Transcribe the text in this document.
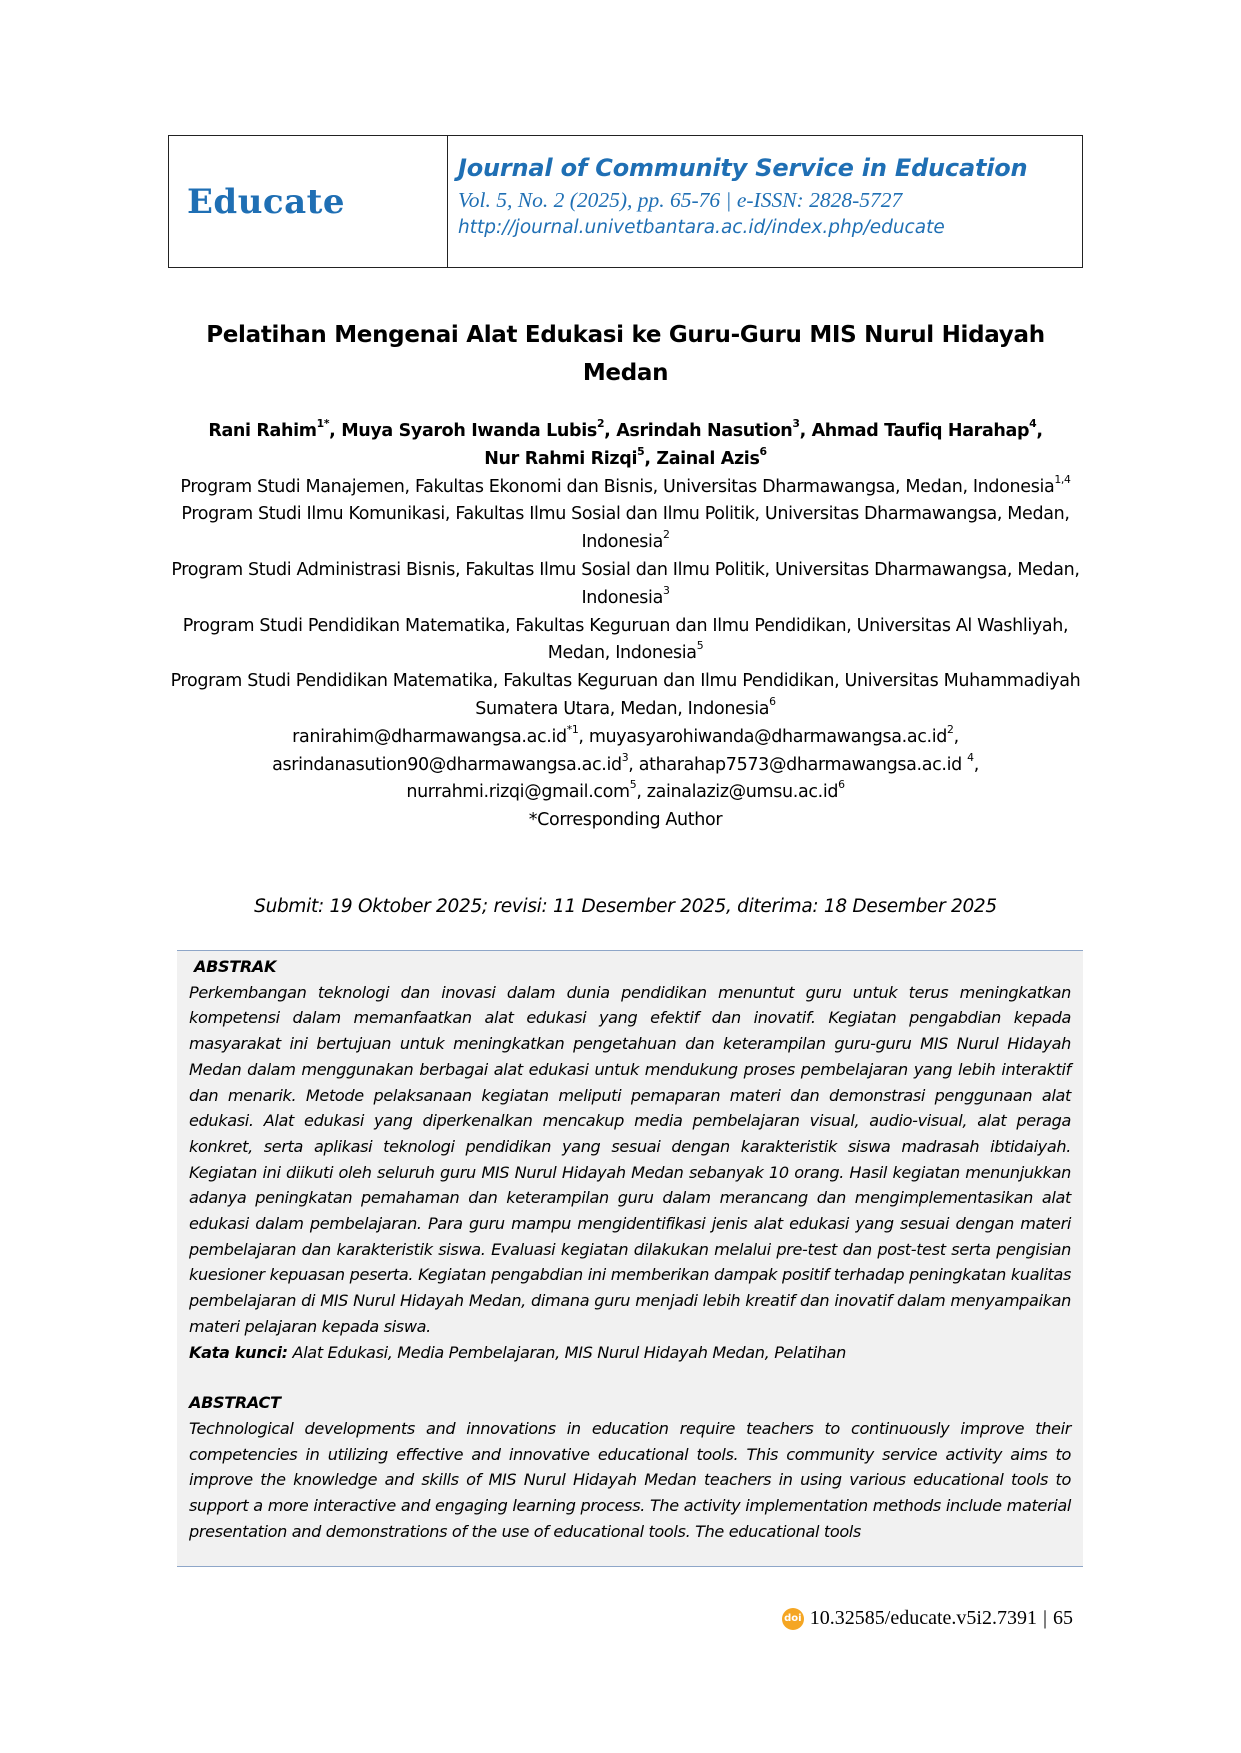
Educate
Journal of Community Service in Education
Vol. 5, No. 2 (2025), pp. 65-76 | e-ISSN: 2828-5727
http://journal.univetbantara.ac.id/index.php/educate
Pelatihan Mengenai Alat Edukasi ke Guru-Guru MIS Nurul Hidayah
Medan
Rani Rahim$^{1*}$, Muya Syaroh Iwanda Lubis$^2$, Asrindah Nasution$^3$, Ahmad Taufiq Harahap$^4$,
Nur Rahmi Rizqi$^5$, Zainal Azis$^6$
Program Studi Manajemen, Fakultas Ekonomi dan Bisnis, Universitas Dharmawangsa, Medan, Indonesia$^{1,4}$
Program Studi Ilmu Komunikasi, Fakultas Ilmu Sosial dan Ilmu Politik, Universitas Dharmawangsa, Medan, Indonesia$^2$
Program Studi Administrasi Bisnis, Fakultas Ilmu Sosial dan Ilmu Politik, Universitas Dharmawangsa, Medan, Indonesia$^3$
Program Studi Pendidikan Matematika, Fakultas Keguruan dan Ilmu Pendidikan, Universitas Al Washliyah, Medan, Indonesia$^5$
Program Studi Pendidikan Matematika, Fakultas Keguruan dan Ilmu Pendidikan, Universitas Muhammadiyah Sumatera Utara, Medan, Indonesia$^6$
$ranirahim@dharmawangsa.ac.id^{*1}$, $muyasyarohiwanda@dharmawangsa.ac.id^2$,
$asrindanasution90@dharmawangsa.ac.id^3$, atharahap7573@dharmawangsa.ac.id $^4$,
nurrahmi.rizqi@gmail.com$^5$, $zainalaziz@umsu.ac.id^6$
*Corresponding Author
Submit: 19 Oktober 2025; revisi: 11 Desember 2025, diterima: 18 Desember 2025
ABSTRAK

Perkembangan teknologi dan inovasi dalam dunia pendidikan menuntut guru untuk terus meningkatkan kompetensi dalam memanfaatkan alat edukasi yang efektif dan inovatif. Kegiatan pengabdian kepada masyarakat ini bertujuan untuk meningkatkan pengetahuan dan keterampilan guru-guru MIS Nurul Hidayah Medan dalam menggunakan berbagai alat edukasi untuk mendukung proses pembelajaran yang lebih interaktif dan menarik. Metode pelaksanaan kegiatan meliputi pemaparan materi dan demonstrasi penggunaan alat edukasi. Alat edukasi yang diperkenalkan mencakup media pembelajaran visual, audio-visual, alat peraga konkret, serta aplikasi teknologi pendidikan yang sesuai dengan karakteristik siswa madrasah ibtidaiyah. Kegiatan ini diikuti oleh seluruh guru MIS Nurul Hidayah Medan sebanyak 10 orang. Hasil kegiatan menunjukkan adanya peningkatan pemahaman dan keterampilan guru dalam merancang dan mengimplementasikan alat edukasi dalam pembelajaran. Para guru mampu mengidentifikasi jenis alat edukasi yang sesuai dengan materi pembelajaran dan karakteristik siswa. Evaluasi kegiatan dilakukan melalui pre-test dan post-test serta pengisian kuesioner kepuasan peserta. Kegiatan pengabdian ini memberikan dampak positif terhadap peningkatan kualitas pembelajaran di MIS Nurul Hidayah Medan, dimana guru menjadi lebih kreatif dan inovatif dalam menyampaikan materi pelajaran kepada siswa.

Kata kunci: Alat Edukasi, Media Pembelajaran, MIS Nurul Hidayah Medan, Pelatihan

ABSTRACT

Technological developments and innovations in education require teachers to continuously improve their competencies in utilizing effective and innovative educational tools. This community service activity aims to improve the knowledge and skills of MIS Nurul Hidayah Medan teachers in using various educational tools to support a more interactive and engaging learning process. The activity implementation methods include material presentation and demonstrations of the use of educational tools. The educational tools

doi 10.32585/educate.v5i2.7391 | 65
